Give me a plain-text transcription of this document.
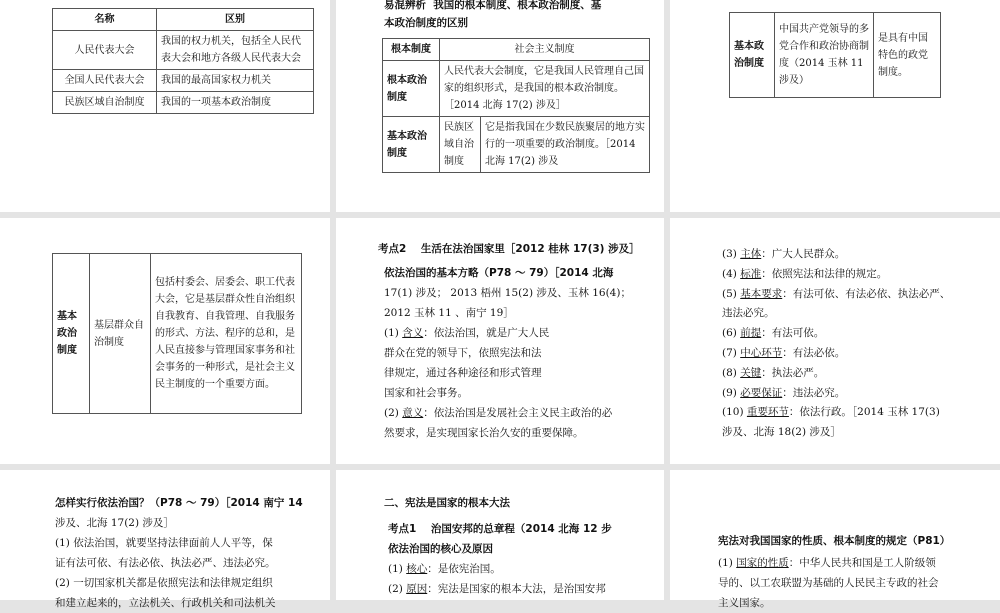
名称	区别
人民代表大会	我国的权力机关，包括全人民代表大会和地方各级人民代表大会
全国人民代表大会	我国的最高国家权力机关
民族区域自治制度	我国的一项基本政治制度

易混辨析  我国的根本制度、根本政治制度、基

本政治制度的区别

根本制度	社会主义制度	
根本政治制度	人民代表大会制度，它是我国人民管理自己国家的组织形式，是我国的根本政治制度。［2014 北海 17(2) 涉及］	
基本政治制度	民族区域自治制度	它是指我国在少数民族聚居的地方实行的一项重要的政治制度。［2014 北海 17(2) 涉及
基本政治制度	中国共产党领导的多党合作和政治协商制度（2014 玉林 11 涉及）	是具有中国特色的政党制度。
基本政治制度	基层群众自治制度	包括村委会、居委会、职工代表大会，它是基层群众性自治组织自我教育、自我管理、自我服务的形式、方法、程序的总和，是人民直接参与管理国家事务和社会事务的一种形式，是社会主义民主制度的一个重要方面。

考点2    生活在法治国家里［2012 桂林 17(3) 涉及］

依法治国的基本方略（P78 ～ 79）［2014 北海

17(1) 涉及； 2013 梧州 15(2) 涉及、玉林 16(4)；

2012 玉林 11 、南宁 19］

(1) 含义：依法治国，就是广大人民

群众在党的领导下，依照宪法和法

律规定，通过各种途径和形式管理

国家和社会事务。

(2) 意义：依法治国是发展社会主义民主政治的必

然要求，是实现国家长治久安的重要保障。

(3) 主体：广大人民群众。

(4) 标准：依照宪法和法律的规定。

(5) 基本要求：有法可依、有法必依、执法必严、

违法必究。

(6) 前提：有法可依。

(7) 中心环节：有法必依。

(8) 关键：执法必严。

(9) 必要保证：违法必究。

(10) 重要环节：依法行政。［2014 玉林 17(3)

涉及、北海 18(2) 涉及］

怎样实行依法治国？（P78 ～ 79）［2014 南宁 14

涉及、北海 17(2) 涉及］

(1) 依法治国，就要坚持法律面前人人平等，保

证有法可依、有法必依、执法必严、违法必究。

(2) 一切国家机关都是依照宪法和法律规定组织

和建立起来的，立法机关、行政机关和司法机关

二、宪法是国家的根本大法

考点1    治国安邦的总章程（2014 北海 12 步

依法治国的核心及原因

(1) 核心：是依宪治国。

(2) 原因：宪法是国家的根本大法，是治国安邦

宪法对我国国家的性质、根本制度的规定（P81）

(1) 国家的性质：中华人民共和国是工人阶级领

导的、以工农联盟为基础的人民民主专政的社会

主义国家。
